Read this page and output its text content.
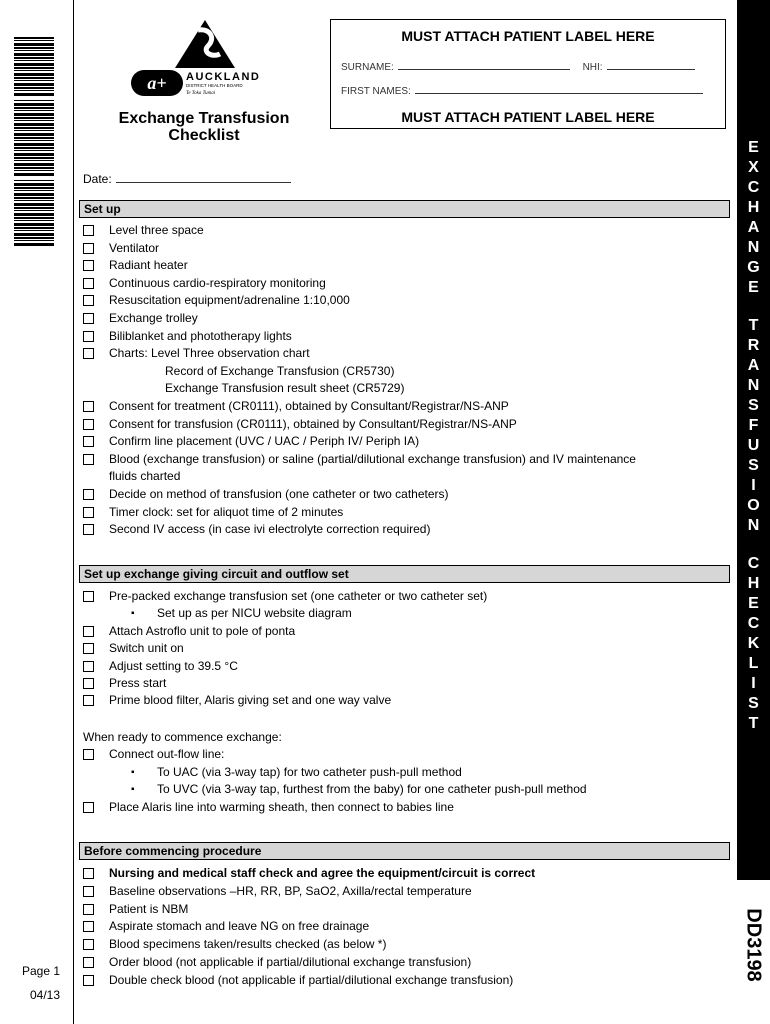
Page 1
04/13
E
X
C
H
A
N
G
E
T
R
A
N
S
F
U
S
I
O
N
C
H
E
C
K
L
I
S
T
DD3198
a+ AUCKLAND
DISTRICT HEALTH BOARD
Te Toka Tumai
Exchange Transfusion
Checklist
MUST ATTACH PATIENT LABEL HERE
SURNAME:	NHI:
FIRST NAMES:
MUST ATTACH PATIENT LABEL HERE
Date:
Set up
Set up exchange giving circuit and outflow set
Before commencing procedure
Level three space
Ventilator
Radiant heater
Continuous cardio-respiratory monitoring
Resuscitation equipment/adrenaline 1:10,000
Exchange trolley
Biliblanket and phototherapy lights
Charts: Level Three observation chart
Record of Exchange Transfusion (CR5730)
Exchange Transfusion result sheet (CR5729)
Consent for treatment (CR0111), obtained by Consultant/Registrar/NS-ANP
Consent for transfusion (CR0111), obtained by Consultant/Registrar/NS-ANP
Confirm line placement (UVC / UAC / Periph IV/ Periph IA)
Blood (exchange transfusion) or saline (partial/dilutional exchange transfusion) and IV maintenance
fluids charted
Decide on method of transfusion (one catheter or two catheters)
Timer clock: set for aliquot time of 2 minutes
Second IV access (in case ivi electrolyte correction required)
Pre-packed exchange transfusion set (one catheter or two catheter set)
▪ Set up as per NICU website diagram
Attach Astroflo unit to pole of ponta
Switch unit on
Adjust setting to 39.5 °C
Press start
Prime blood filter, Alaris giving set and one way valve
When ready to commence exchange:
Connect out-flow line:
▪ To UAC (via 3-way tap) for two catheter push-pull method
▪ To UVC (via 3-way tap, furthest from the baby) for one catheter push-pull method
Place Alaris line into warming sheath, then connect to babies line
Nursing and medical staff check and agree the equipment/circuit is correct
Baseline observations –HR, RR, BP, SaO2, Axilla/rectal temperature
Patient is NBM
Aspirate stomach and leave NG on free drainage
Blood specimens taken/results checked (as below *)
Order blood (not applicable if partial/dilutional exchange transfusion)
Double check blood (not applicable if partial/dilutional exchange transfusion)
